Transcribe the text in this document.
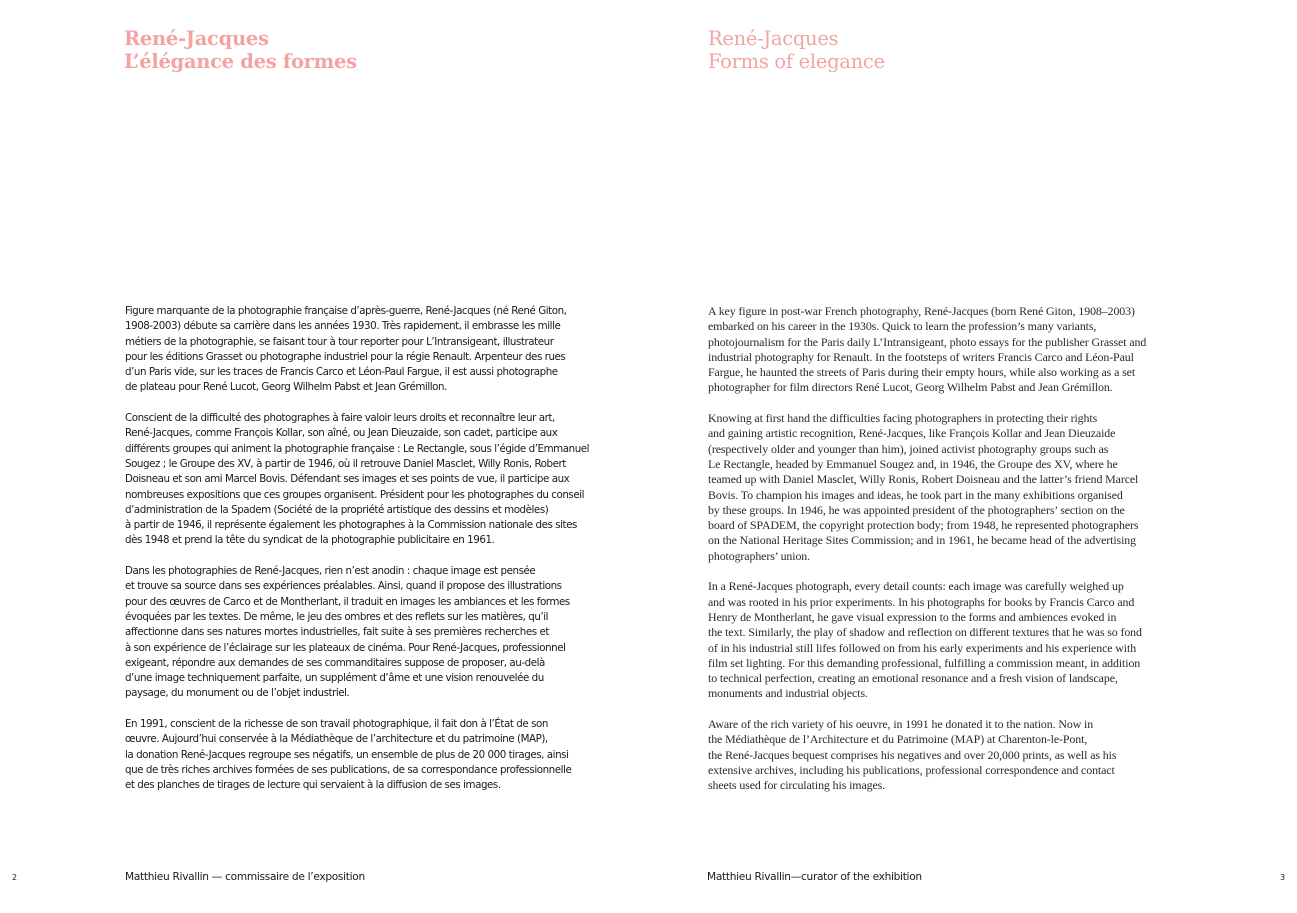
René-Jacques
L’élégance des formes

Figure marquante de la photographie française d’après-guerre, René-Jacques (né René Giton,
1908-2003) débute sa carrière dans les années 1930. Très rapidement, il embrasse les mille
métiers de la photographie, se faisant tour à tour reporter pour L’Intransigeant, illustrateur
pour les éditions Grasset ou photographe industriel pour la régie Renault. Arpenteur des rues
d’un Paris vide, sur les traces de Francis Carco et Léon-Paul Fargue, il est aussi photographe
de plateau pour René Lucot, Georg Wilhelm Pabst et Jean Grémillon.

Conscient de la difficulté des photographes à faire valoir leurs droits et reconnaître leur art,
René-Jacques, comme François Kollar, son aîné, ou Jean Dieuzaide, son cadet, participe aux
différents groupes qui animent la photographie française : Le Rectangle, sous l’égide d’Emmanuel
Sougez ; le Groupe des XV, à partir de 1946, où il retrouve Daniel Masclet, Willy Ronis, Robert
Doisneau et son ami Marcel Bovis. Défendant ses images et ses points de vue, il participe aux
nombreuses expositions que ces groupes organisent. Président pour les photographes du conseil
d’administration de la Spadem (Société de la propriété artistique des dessins et modèles)
à partir de 1946, il représente également les photographes à la Commission nationale des sites
dès 1948 et prend la tête du syndicat de la photographie publicitaire en 1961.

Dans les photographies de René-Jacques, rien n’est anodin : chaque image est pensée
et trouve sa source dans ses expériences préalables. Ainsi, quand il propose des illustrations
pour des œuvres de Carco et de Montherlant, il traduit en images les ambiances et les formes
évoquées par les textes. De même, le jeu des ombres et des reflets sur les matières, qu’il
affectionne dans ses natures mortes industrielles, fait suite à ses premières recherches et
à son expérience de l’éclairage sur les plateaux de cinéma. Pour René-Jacques, professionnel
exigeant, répondre aux demandes de ses commanditaires suppose de proposer, au-delà
d’une image techniquement parfaite, un supplément d’âme et une vision renouvelée du
paysage, du monument ou de l’objet industriel.

En 1991, conscient de la richesse de son travail photographique, il fait don à l’État de son
œuvre. Aujourd’hui conservée à la Médiathèque de l’architecture et du patrimoine (MAP),
la donation René-Jacques regroupe ses négatifs, un ensemble de plus de 20 000 tirages, ainsi
que de très riches archives formées de ses publications, de sa correspondance professionnelle
et des planches de tirages de lecture qui servaient à la diffusion de ses images.

2	Matthieu Rivallin — commissaire de l’exposition
René-Jacques
Forms of elegance

A key figure in post-war French photography, René-Jacques (born René Giton, 1908–2003)
embarked on his career in the 1930s. Quick to learn the profession’s many variants,
photojournalism for the Paris daily L’Intransigeant, photo essays for the publisher Grasset and
industrial photography for Renault. In the footsteps of writers Francis Carco and Léon-Paul
Fargue, he haunted the streets of Paris during their empty hours, while also working as a set
photographer for film directors René Lucot, Georg Wilhelm Pabst and Jean Grémillon.

Knowing at first hand the difficulties facing photographers in protecting their rights
and gaining artistic recognition, René-Jacques, like François Kollar and Jean Dieuzaide
(respectively older and younger than him), joined activist photography groups such as
Le Rectangle, headed by Emmanuel Sougez and, in 1946, the Groupe des XV, where he
teamed up with Daniel Masclet, Willy Ronis, Robert Doisneau and the latter’s friend Marcel
Bovis. To champion his images and ideas, he took part in the many exhibitions organised
by these groups. In 1946, he was appointed president of the photographers’ section on the
board of SPADEM, the copyright protection body; from 1948, he represented photographers
on the National Heritage Sites Commission; and in 1961, he became head of the advertising
photographers’ union.

In a René-Jacques photograph, every detail counts: each image was carefully weighed up
and was rooted in his prior experiments. In his photographs for books by Francis Carco and
Henry de Montherlant, he gave visual expression to the forms and ambiences evoked in
the text. Similarly, the play of shadow and reflection on different textures that he was so fond
of in his industrial still lifes followed on from his early experiments and his experience with
film set lighting. For this demanding professional, fulfilling a commission meant, in addition
to technical perfection, creating an emotional resonance and a fresh vision of landscape,
monuments and industrial objects.

Aware of the rich variety of his oeuvre, in 1991 he donated it to the nation. Now in
the Médiathèque de l’Architecture et du Patrimoine (MAP) at Charenton-le-Pont,
the René-Jacques bequest comprises his negatives and over 20,000 prints, as well as his
extensive archives, including his publications, professional correspondence and contact
sheets used for circulating his images.

Matthieu Rivallin—curator of the exhibition	3
